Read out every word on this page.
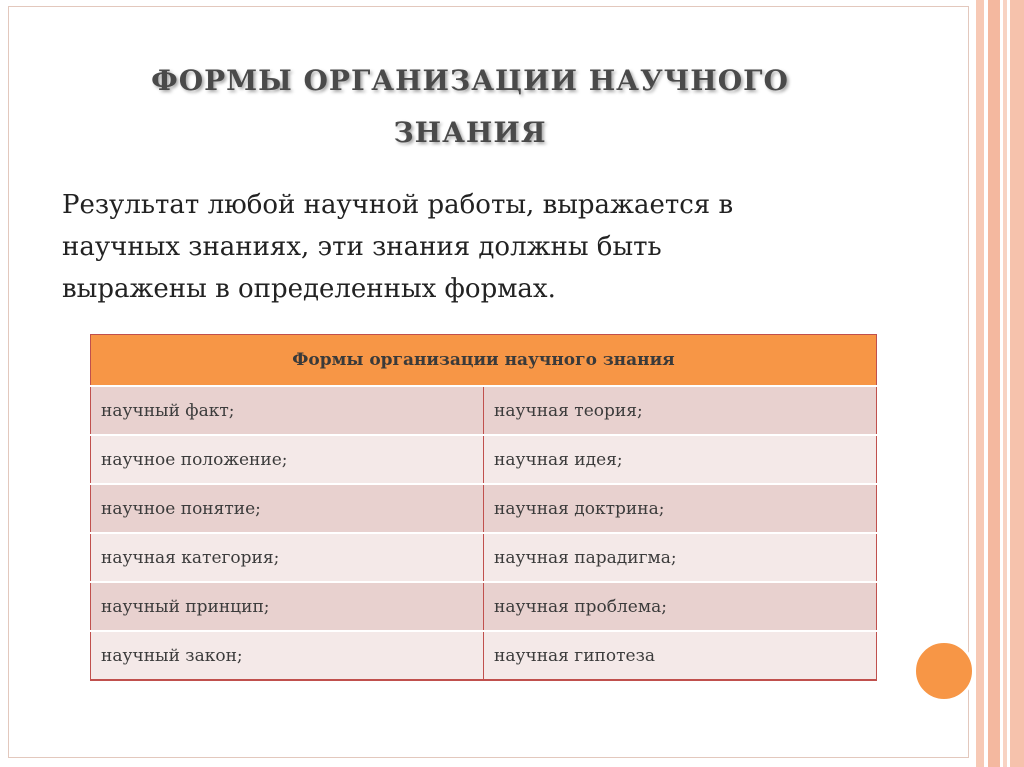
ФОРМЫ ОРГАНИЗАЦИИ НАУЧНОГО
ЗНАНИЯ
Результат любой научной работы, выражается в
научных знаниях, эти знания должны быть
выражены в определенных формах.
Формы организации научного знания	
научный факт;	научная теория;
научное положение;	научная идея;
научное понятие;	научная доктрина;
научная категория;	научная парадигма;
научный принцип;	научная проблема;
научный закон;	научная гипотеза
